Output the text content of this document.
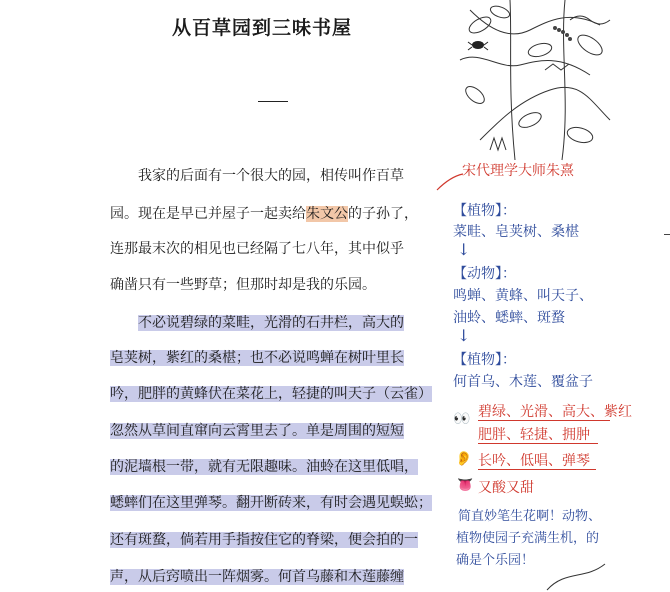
从百草园到三味书屋
我家的后面有一个很大的园，相传叫作百草
园。现在是早已并屋子一起卖给朱文公的子孙了，
连那最末次的相见也已经隔了七八年，其中似乎
确凿只有一些野草；但那时却是我的乐园。
不必说碧绿的菜畦，光滑的石井栏，高大的
皂荚树，紫红的桑椹；也不必说鸣蝉在树叶里长
吟，肥胖的黄蜂伏在菜花上，轻捷的叫天子（云雀）
忽然从草间直窜向云霄里去了。单是周围的短短
的泥墙根一带，就有无限趣味。油蛉在这里低唱，
蟋蟀们在这里弹琴。翻开断砖来，有时会遇见蜈蚣；
还有斑蝥，倘若用手指按住它的脊梁，便会拍的一
声，从后窍喷出一阵烟雾。何首乌藤和木莲藤缠
宋代理学大师朱熹
【植物】：
菜畦、皂荚树、桑椹
↓
【动物】：
鸣蝉、黄蜂、叫天子、
油蛉、蟋蟀、斑蝥
↓
【植物】：
何首乌、木莲、覆盆子
👀 碧绿、光滑、高大、紫红
肥胖、轻捷、拥肿
👂 长吟、低唱、弹琴
👅 又酸又甜
简直妙笔生花啊！动物、
植物使园子充满生机，的
确是个乐园！
